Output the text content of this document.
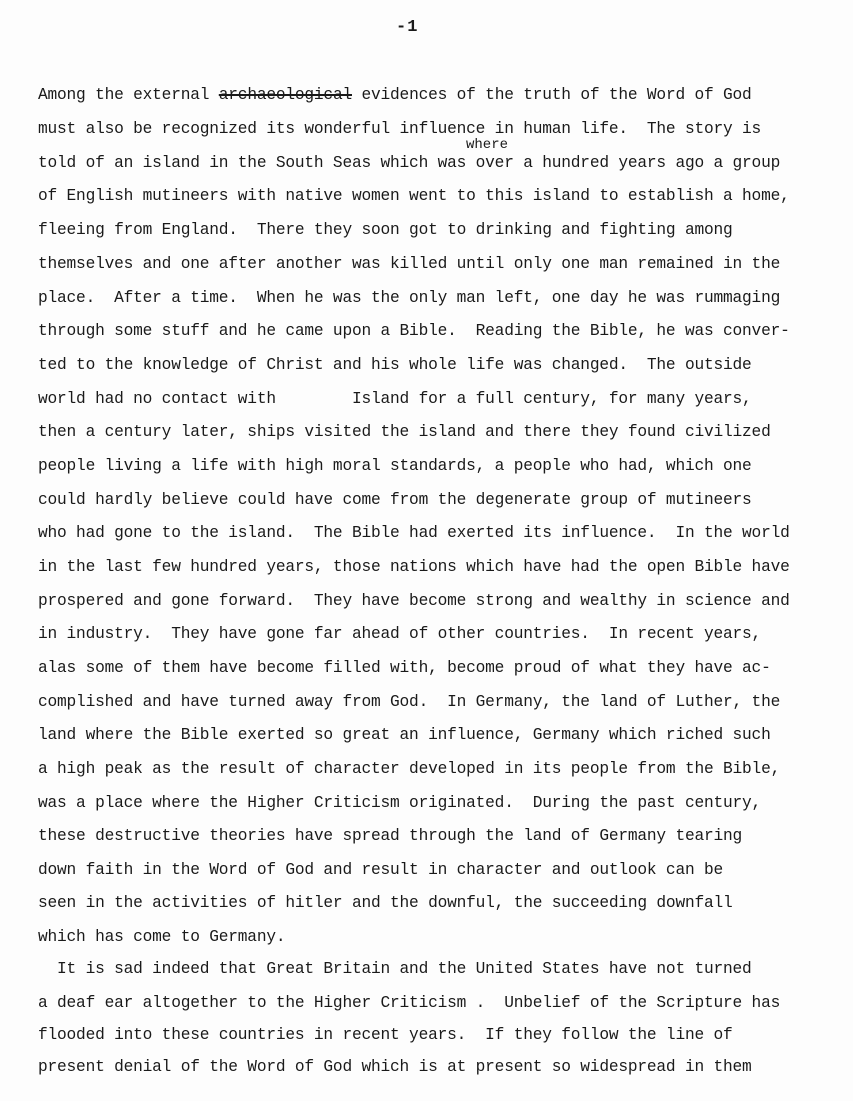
-1
where
Among the external archaeological evidences of the truth of the Word of God
must also be recognized its wonderful influence in human life.  The story is
told of an island in the South Seas which was over a hundred years ago a group
of English mutineers with native women went to this island to establish a home,
fleeing from England.  There they soon got to drinking and fighting among
themselves and one after another was killed until only one man remained in the
place.  After a time.  When he was the only man left, one day he was rummaging
through some stuff and he came upon a Bible.  Reading the Bible, he was conver-
ted to the knowledge of Christ and his whole life was changed.  The outside
world had no contact with        Island for a full century, for many years,
then a century later, ships visited the island and there they found civilized
people living a life with high moral standards, a people who had, which one
could hardly believe could have come from the degenerate group of mutineers
who had gone to the island.  The Bible had exerted its influence.  In the world
in the last few hundred years, those nations which have had the open Bible have
prospered and gone forward.  They have become strong and wealthy in science and
in industry.  They have gone far ahead of other countries.  In recent years,
alas some of them have become filled with, become proud of what they have ac-
complished and have turned away from God.  In Germany, the land of Luther, the
land where the Bible exerted so great an influence, Germany which riched such
a high peak as the result of character developed in its people from the Bible,
was a place where the Higher Criticism originated.  During the past century,
these destructive theories have spread through the land of Germany tearing
down faith in the Word of God and result in character and outlook can be
seen in the activities of hitler and the downful, the succeeding downfall
which has come to Germany.
It is sad indeed that Great Britain and the United States have not turned
a deaf ear altogether to the Higher Criticism .  Unbelief of the Scripture has
flooded into these countries in recent years.  If they follow the line of
present denial of the Word of God which is at present so widespread in them
